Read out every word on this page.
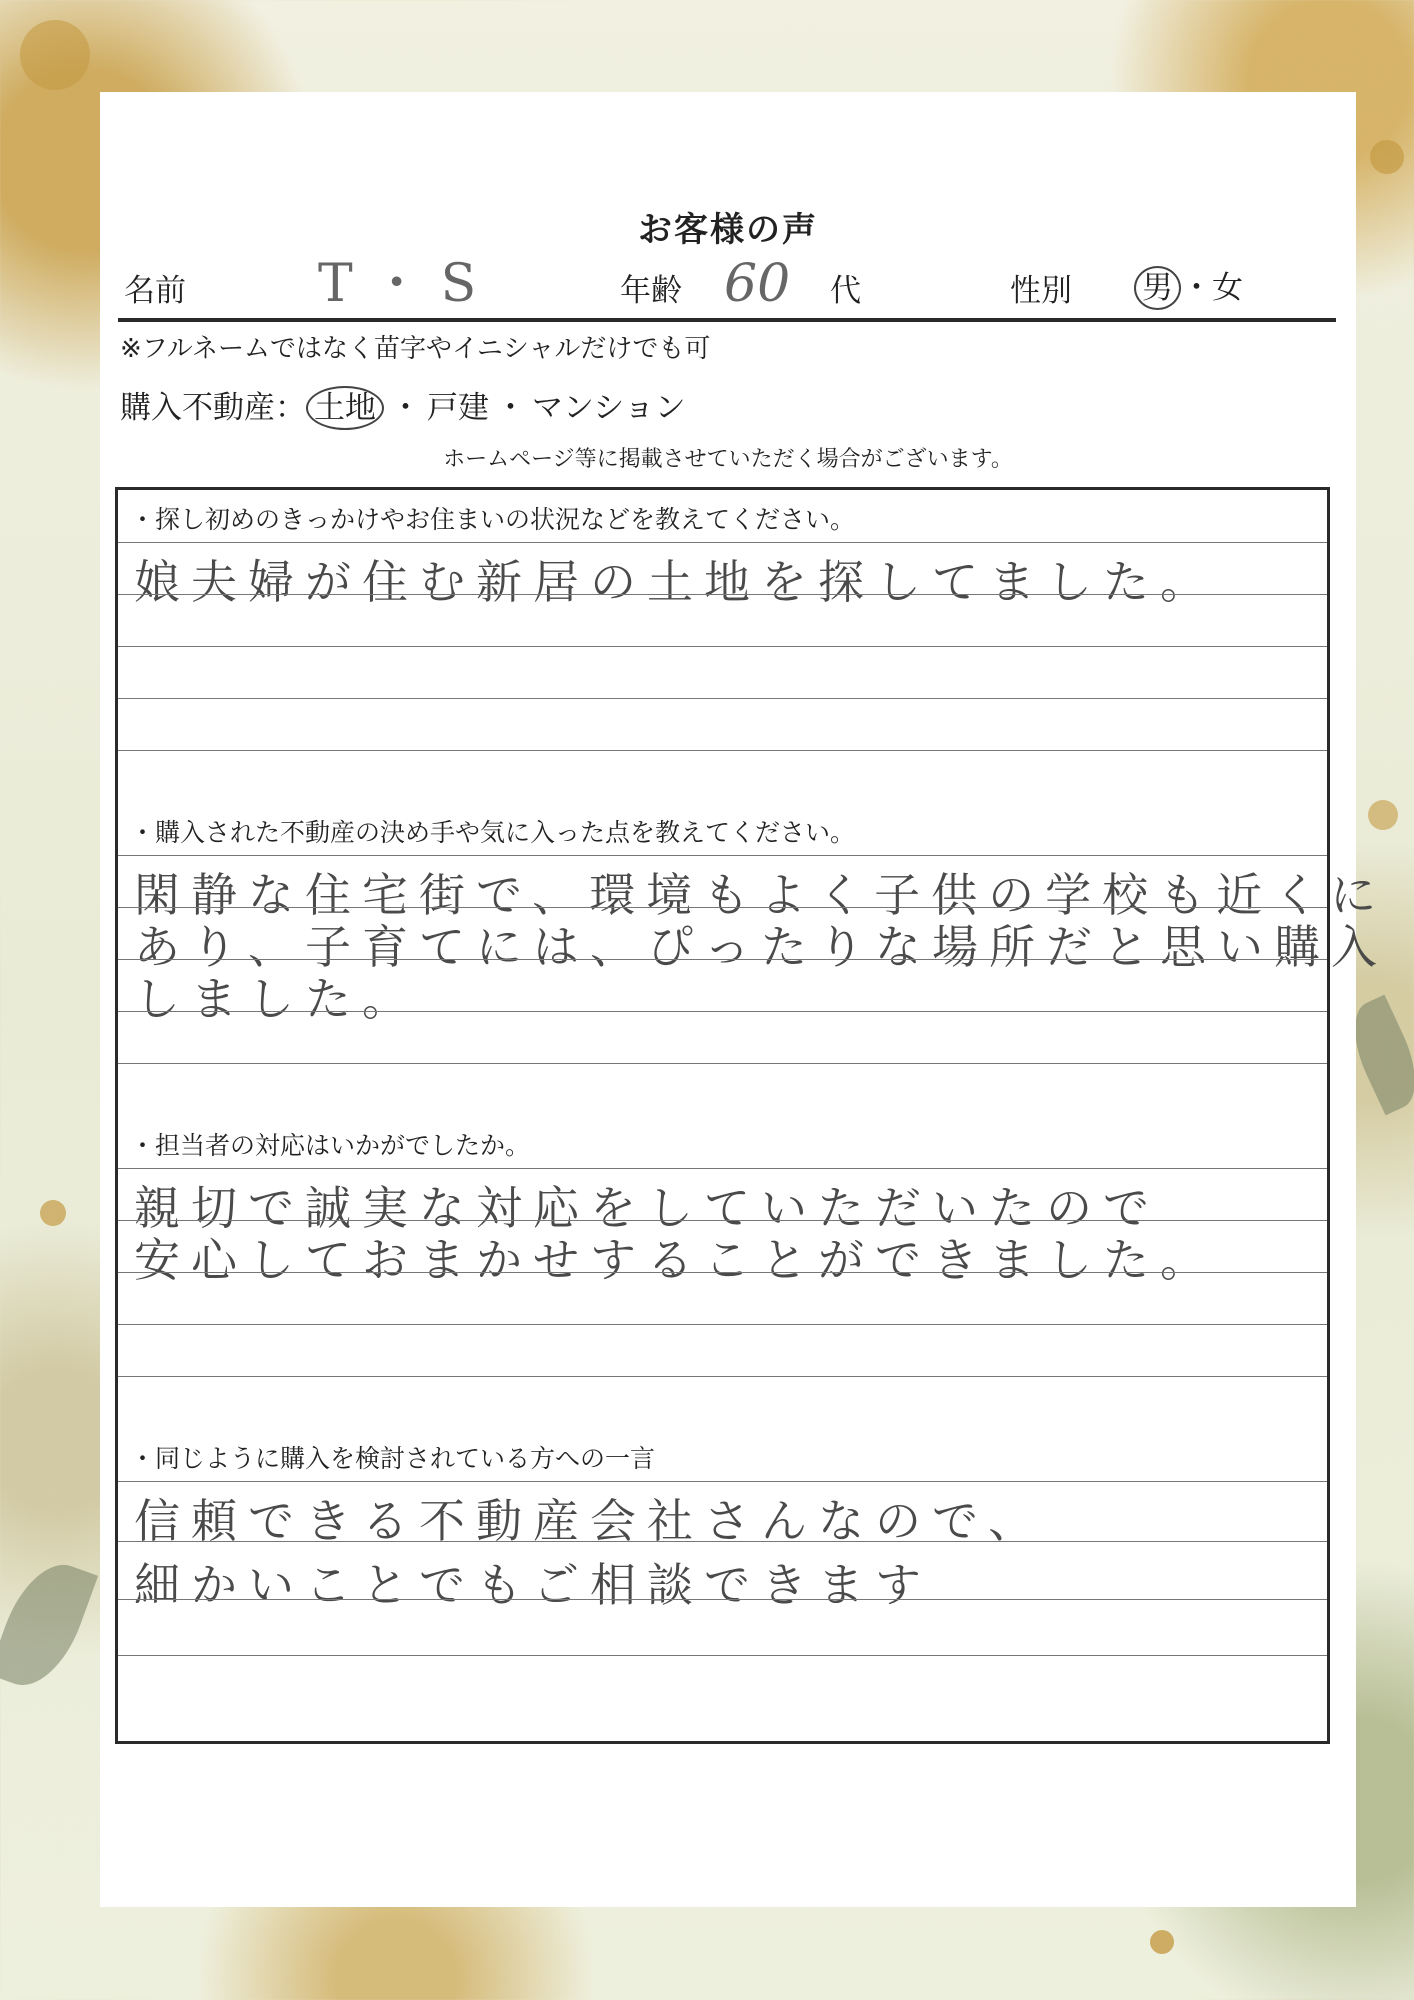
お客様の声
名前	T・S	年齢 60 代	性別 男 ・女
※フルネームではなく苗字やイニシャルだけでも可
購入不動産： 土地 ・ 戸建 ・ マンション
ホームページ等に掲載させていただく場合がございます。
・探し初めのきっかけやお住まいの状況などを教えてください。
娘夫婦が住む新居の土地を探してました。
・購入された不動産の決め手や気に入った点を教えてください。
閑静な住宅街で、環境もよく子供の学校も近くに
あり、子育てには、ぴったりな場所だと思い購入
しました。
・担当者の対応はいかがでしたか。
親切で誠実な対応をしていただいたので
安心しておまかせすることができました。
・同じように購入を検討されている方への一言
信頼できる不動産会社さんなので、
細かいことでもご相談できます
